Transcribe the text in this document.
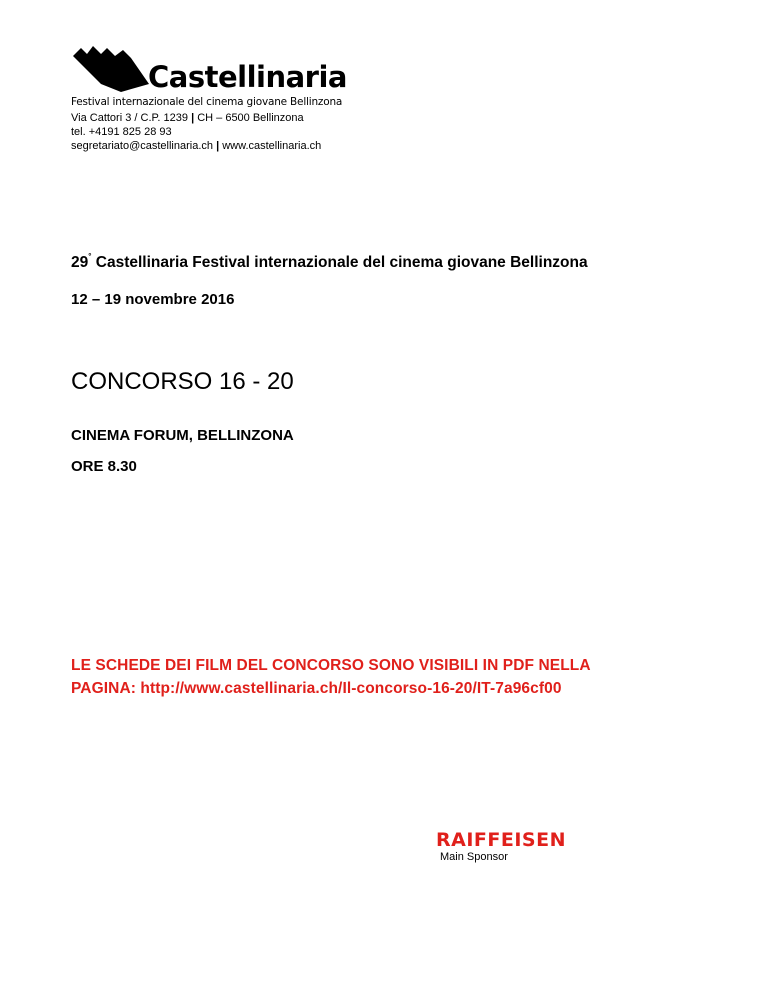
Castellinaria
Festival internazionale del cinema giovane Bellinzona
Via Cattori 3 / C.P. 1239 | CH – 6500 Bellinzona
tel. +4191 825 28 93
segretariato@castellinaria.ch | www.castellinaria.ch
29° Castellinaria Festival internazionale del cinema giovane Bellinzona
12 – 19 novembre 2016
CONCORSO 16 - 20
CINEMA FORUM, BELLINZONA
ORE 8.30
LE SCHEDE DEI FILM DEL CONCORSO SONO VISIBILI IN PDF NELLA
PAGINA: http://www.castellinaria.ch/Il-concorso-16-20/IT-7a96cf00
RAIFFEISEN
Main Sponsor
